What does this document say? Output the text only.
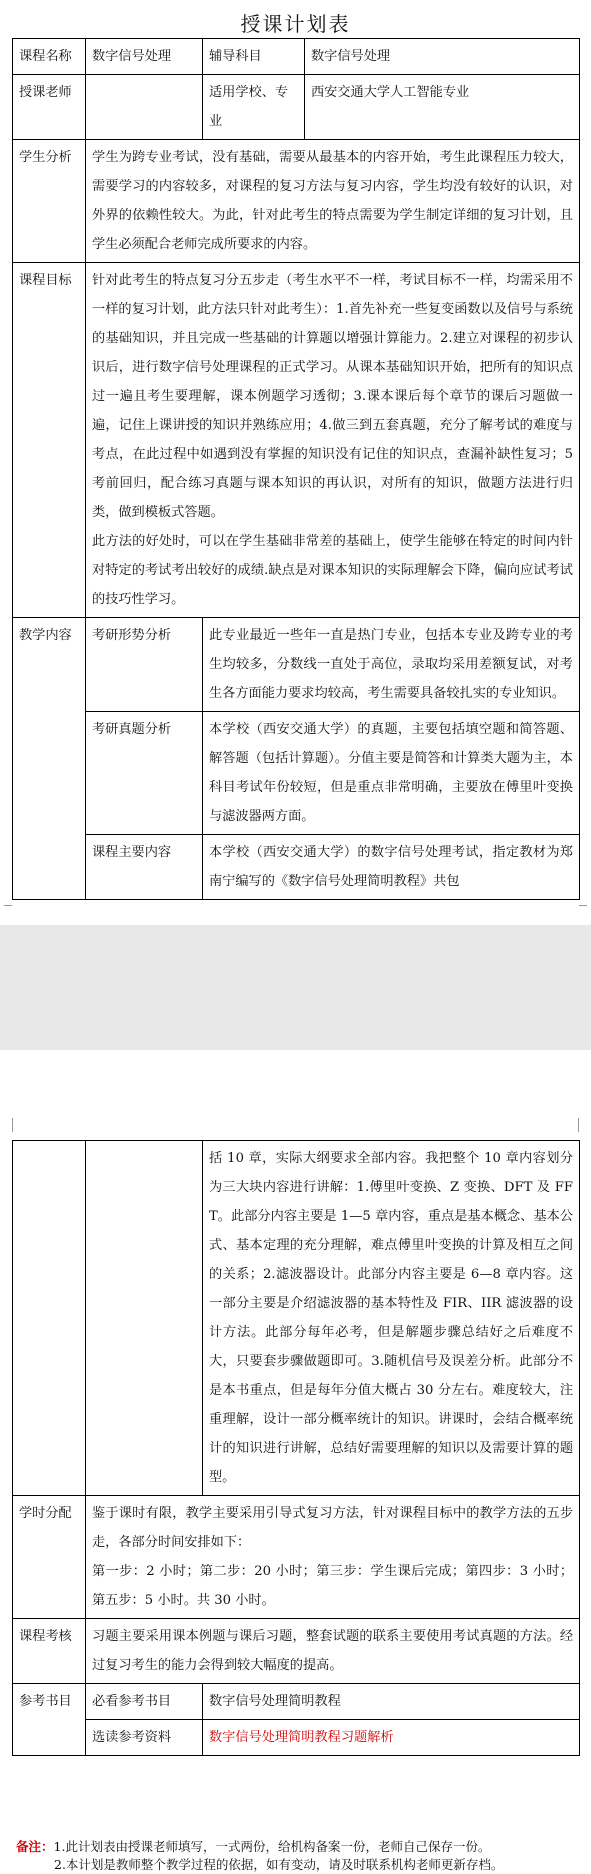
授课计划表
课程名称	数字信号处理	辅导科目	数字信号处理
授课老师		适用学校、专业	西安交通大学人工智能专业
学生分析	学生为跨专业考试，没有基础，需要从最基本的内容开始，考生此课程压力较大，需要学习的内容较多，对课程的复习方法与复习内容，学生均没有较好的认识，对外界的依赖性较大。为此，针对此考生的特点需要为学生制定详细的复习计划，且学生必须配合老师完成所要求的内容。		
课程目标	针对此考生的特点复习分五步走（考生水平不一样，考试目标不一样，均需采用不一样的复习计划，此方法只针对此考生）：1.首先补充一些复变函数以及信号与系统的基础知识，并且完成一些基础的计算题以增强计算能力。2.建立对课程的初步认识后，进行数字信号处理课程的正式学习。从课本基础知识开始，把所有的知识点过一遍且考生要理解，课本例题学习透彻；3.课本课后每个章节的课后习题做一遍，记住上课讲授的知识并熟练应用；4.做三到五套真题，充分了解考试的难度与考点，在此过程中如遇到没有掌握的知识没有记住的知识点，查漏补缺性复习；5考前回归，配合练习真题与课本知识的再认识，对所有的知识，做题方法进行归类，做到模板式答题。
此方法的好处时，可以在学生基础非常差的基础上，使学生能够在特定的时间内针对特定的考试考出较好的成绩.缺点是对课本知识的实际理解会下降，偏向应试考试的技巧性学习。		

教学内容	考研形势分析	此专业最近一些年一直是热门专业，包括本专业及跨专业的考生均较多，分数线一直处于高位，录取均采用差额复试，对考生各方面能力要求均较高，考生需要具备较扎实的专业知识。	
	考研真题分析	本学校（西安交通大学）的真题，主要包括填空题和简答题、解答题（包括计算题）。分值主要是简答和计算类大题为主，本科目考试年份较短，但是重点非常明确，主要放在傅里叶变换与滤波器两方面。	
	课程主要内容	本学校（西安交通大学）的数字信号处理考试，指定教材为郑南宁编写的《数字信号处理简明教程》共包	
		括 10 章，实际大纲要求全部内容。我把整个 10 章内容划分为三大块内容进行讲解：1.傅里叶变换、Z 变换、DFT 及 FFT。此部分内容主要是 1—5 章内容，重点是基本概念、基本公式、基本定理的充分理解，难点傅里叶变换的计算及相互之间的关系；2.滤波器设计。此部分内容主要是 6—8 章内容。这一部分主要是介绍滤波器的基本特性及 FIR、IIR 滤波器的设计方法。此部分每年必考，但是解题步骤总结好之后难度不大，只要套步骤做题即可。3.随机信号及误差分析。此部分不是本书重点，但是每年分值大概占 30 分左右。难度较大，注重理解，设计一部分概率统计的知识。讲课时，会结合概率统计的知识进行讲解，总结好需要理解的知识以及需要计算的题型。
学时分配	鉴于课时有限，教学主要采用引导式复习方法，针对课程目标中的教学方法的五步走，各部分时间安排如下：
第一步：2 小时；第二步：20 小时；第三步：学生课后完成；第四步：3 小时；第五步：5 小时。共 30 小时。	

课程考核	习题主要采用课本例题与课后习题，整套试题的联系主要使用考试真题的方法。经过复习考生的能力会得到较大幅度的提高。	
参考书目	必看参考书目	数字信号处理简明教程
	选读参考资料	数字信号处理简明教程习题解析
备注：1.此计划表由授课老师填写，一式两份，给机构备案一份，老师自己保存一份。
2.本计划是教师整个教学过程的依据，如有变动，请及时联系机构老师更新存档。
